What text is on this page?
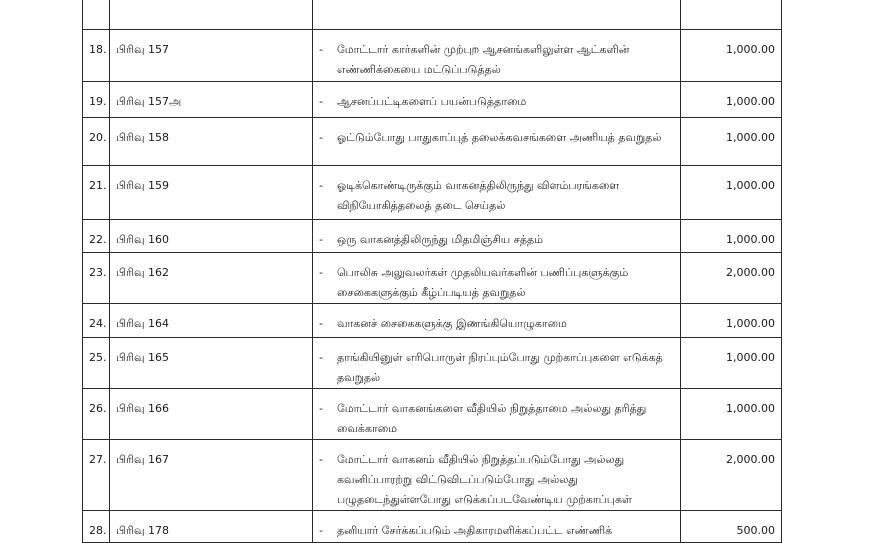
18.	பிரிவு 157	- மோட்டார் கார்களின் முற்புற ஆசனங்களிலுள்ள ஆட்களின் எண்ணிக்கையை மட்டுப்படுத்தல்	1,000.00
19.	பிரிவு 157அ	- ஆசனப்பட்டிகளைப் பயன்படுத்தாமை	1,000.00
20.	பிரிவு 158	- ஓட்டும்போது பாதுகாப்புத் தலைக்கவசங்களை அணியத் தவறுதல்	1,000.00
21.	பிரிவு 159	- ஓடிக்கொண்டிருக்கும் வாகனத்திலிருந்து விளம்பரங்களை விநியோகித்தலைத் தடை செய்தல்	1,000.00
22.	பிரிவு 160	- ஒரு வாகனத்திலிருந்து மிதமிஞ்சிய சத்தம்	1,000.00
23.	பிரிவு 162	- பொலிசு அலுவலர்கள் முதலியவர்களின் பணிப்புகளுக்கும் சைகைகளுக்கும் கீழ்ப்படியத் தவறுதல்	2,000.00
24.	பிரிவு 164	- வாகனச் சைகைகளுக்கு இணங்கியொழுகாமை	1,000.00
25.	பிரிவு 165	- தாங்கியினுள் எரிபொருள் நிரப்பும்போது முற்காப்புகளை எடுக்கத் தவறுதல்	1,000.00
26.	பிரிவு 166	- மோட்டார் வாகனங்களை வீதியில் நிறுத்தாமை அல்லது தரித்து வைக்காமை	1,000.00
27.	பிரிவு 167	- மோட்டார் வாகனம் வீதியில் நிறுத்தப்படும்போது அல்லது கவனிப்பாரற்று விட்டுவிடப்படும்போது அல்லது பழுதடைந்துள்ளபோது எடுக்கப்படவேண்டிய முற்காப்புகள்	2,000.00
28.	பிரிவு 178	- தனியார் சேர்க்கப்படும் அதிகாரமளிக்கப்பட்ட எண்ணிக்	500.00
